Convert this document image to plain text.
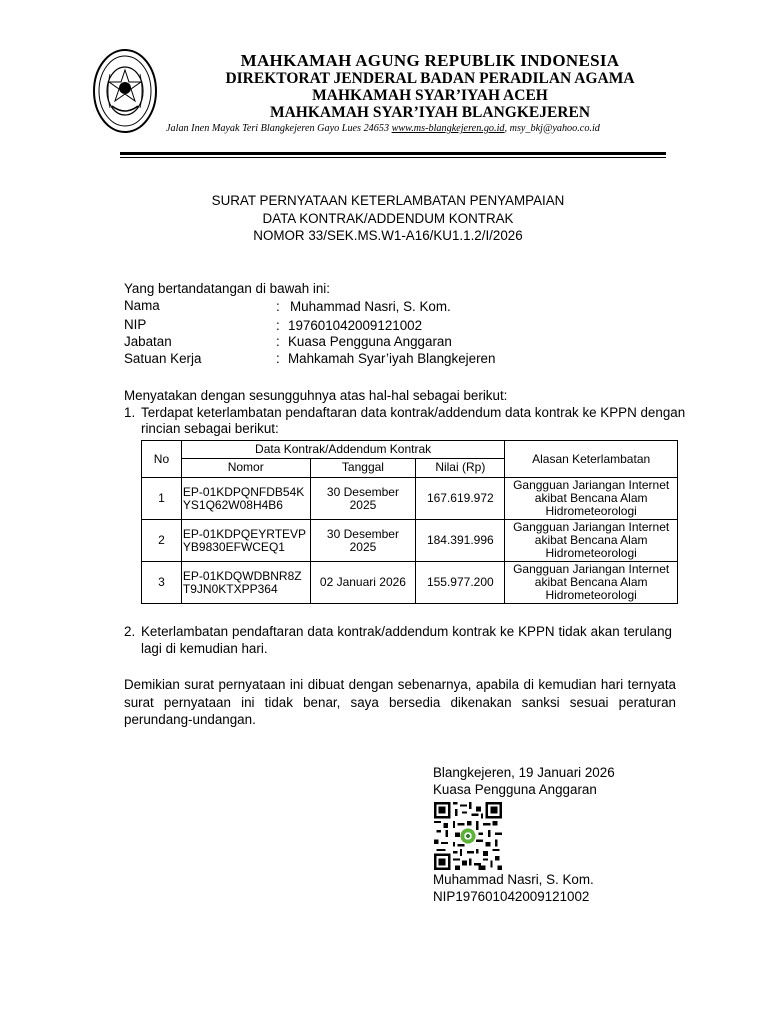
MAHKAMAH AGUNG REPUBLIK INDONESIA
DIREKTORAT JENDERAL BADAN PERADILAN AGAMA
MAHKAMAH SYAR’IYAH ACEH
MAHKAMAH SYAR’IYAH BLANGKEJEREN
Jalan Inen Mayak Teri Blangkejeren Gayo Lues 24653 www.ms-blangkejeren.go.id, msy_bkj@yahoo.co.id
SURAT PERNYATAAN KETERLAMBATAN PENYAMPAIAN
DATA KONTRAK/ADDENDUM KONTRAK
NOMOR 33/SEK.MS.W1-A16/KU1.1.2/I/2026
Yang bertandatangan di bawah ini:
Nama	: Muhammad Nasri, S. Kom.
NIP	: 197601042009121002
Jabatan	: Kuasa Pengguna Anggaran
Satuan Kerja	: Mahkamah Syar’iyah Blangkejeren
Menyatakan dengan sesungguhnya atas hal-hal sebagai berikut:
1. Terdapat keterlambatan pendaftaran data kontrak/addendum data kontrak ke KPPN dengan
rincian sebagai berikut:
No	Data Kontrak/Addendum Kontrak			Alasan Keterlambatan
	Nomor	Tanggal	Nilai (Rp)	
1	EP-01KDPQNFDB54KYS1Q62W08H4B6	30 Desember 2025	167.619.972	Gangguan Jariangan Internet akibat Bencana Alam Hidrometeorologi
2	EP-01KDPQEYRTEVPYB9830EFWCEQ1	30 Desember 2025	184.391.996	Gangguan Jariangan Internet akibat Bencana Alam Hidrometeorologi
3	EP-01KDQWDBNR8ZT9JN0KTXPP364	02 Januari 2026	155.977.200	Gangguan Jariangan Internet akibat Bencana Alam Hidrometeorologi
2. Keterlambatan pendaftaran data kontrak/addendum kontrak ke KPPN tidak akan terulang
lagi di kemudian hari.
Demikian surat pernyataan ini dibuat dengan sebenarnya, apabila di kemudian hari ternyata surat pernyataan ini tidak benar, saya bersedia dikenakan sanksi sesuai peraturan perundang-undangan.
Blangkejeren, 19 Januari 2026
Kuasa Pengguna Anggaran
Muhammad Nasri, S. Kom.
NIP197601042009121002
